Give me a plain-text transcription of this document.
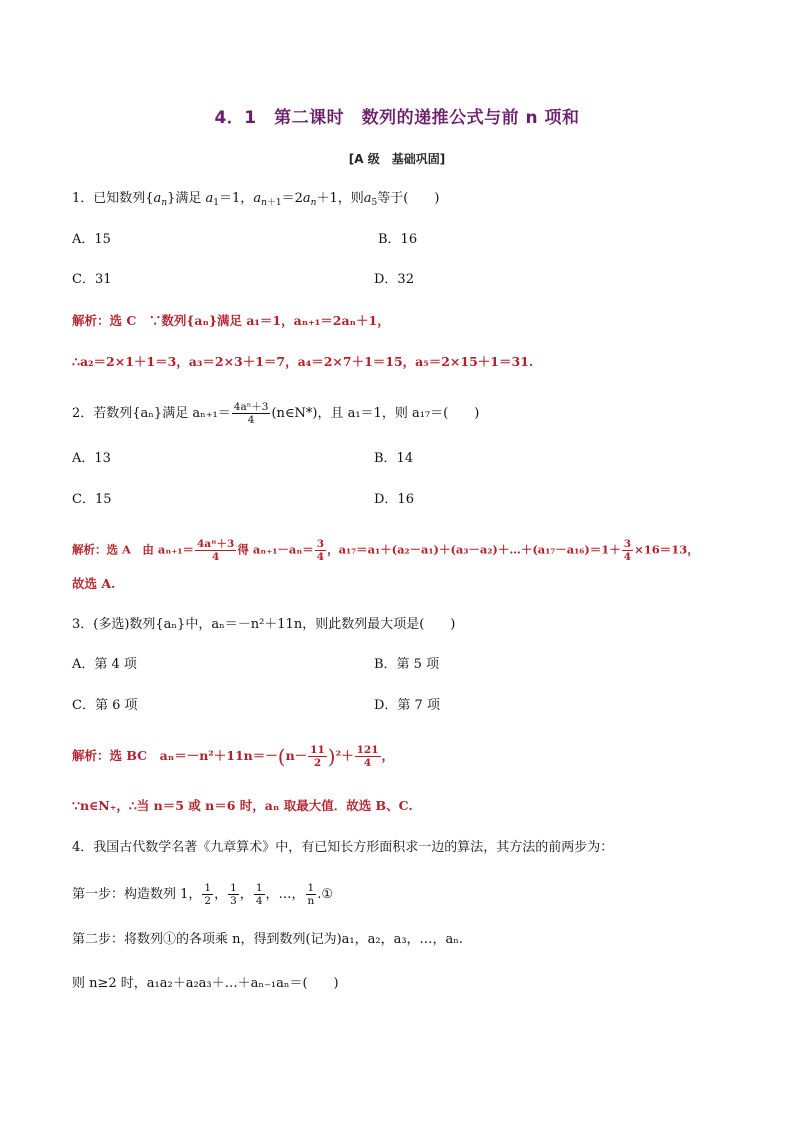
4．1　第二课时　数列的递推公式与前 n 项和
[A 级　基础巩固]
1．已知数列$\{a_n\}$满足 $a_1=1$，$a_{n+1}=2a_n+1$，则$a_5$等于(　　)
A．15	B．16
C．31	D．32
解析：选 C　∵数列{aₙ}满足 a₁＝1，aₙ₊₁＝2aₙ＋1，
∴a₂＝2×1＋1＝3，a₃＝2×3＋1＝7，a₄＝2×7＋1＝15，a₅＝2×15＋1＝31.
2．若数列{aₙ}满足 $a_{n+1}= \frac{\text{4aⁿ＋3}}{4}$ (n∈N*)，且 a₁＝1，则 a₁₇＝(　　)
A．13	B．14
C．15	D．16
解析：选 A　由 $a_{n+1}= \frac{\text{4aⁿ＋3}}{4}$ 得 $a_{n+1}-a_n= \frac{3}{4}$ ，a₁₇＝a₁＋(a₂－a₁)＋(a₃－a₂)＋…＋(a₁₇－a₁₆)＝1＋ $\frac{3}{4} \times 16=13$，
故选 A.
3．(多选)数列{aₙ}中，aₙ＝－n²＋11n，则此数列最大项是(　　)
A．第 4 项	B．第 5 项
C．第 6 项	D．第 7 项
解析：选 BC　$a_n=-n^2+11n=-(n- \frac{11}{2} )^2+ \frac{121}{4}$ ，
∵n∈N₊，∴当 n＝5 或 n＝6 时，aₙ 取最大值．故选 B、C.
4．我国古代数学名著《九章算术》中，有已知长方形面积求一边的算法，其方法的前两步为：
第一步：构造数列 1， $\frac{1}{2}$ ， $\frac{1}{3}$ ， $\frac{1}{4}$ ，…， $\frac{1}{n}$ .①
第二步：将数列①的各项乘 n，得到数列(记为)a₁，a₂，a₃，…，aₙ.
则 n≥2 时，a₁a₂＋a₂a₃＋…＋aₙ₋₁aₙ＝(　　)
